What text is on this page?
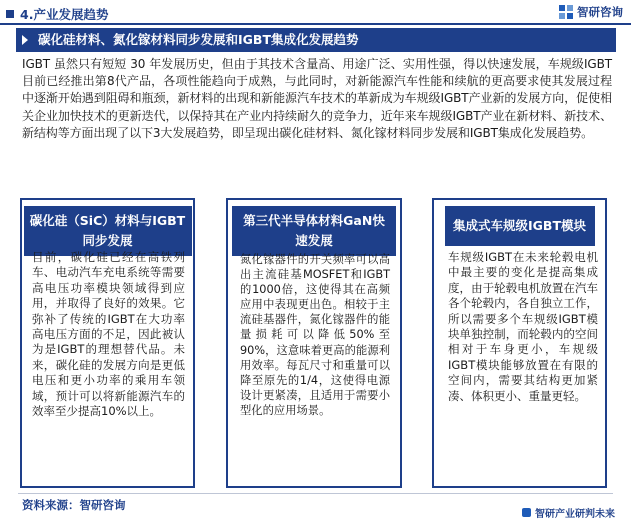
4.产业发展趋势	智研咨询
碳化硅材料、氮化镓材料同步发展和IGBT集成化发展趋势

IGBT 虽然只有短短 30 年发展历史，但由于其技术含量高、用途广泛、实用性强，得以快速发展，车规级IGBT目前已经推出第8代产品，各项性能趋向于成熟，与此同时，对新能源汽车性能和续航的更高要求使其发展过程中逐渐开始遇到阻碍和瓶颈，新材料的出现和新能源汽车技术的革新成为车规级IGBT产业新的发展方向，促使相关企业加快技术的更新迭代，以保持其在产业内持续耐久的竞争力，近年来车规级IGBT产业在新材料、新技术、新结构等方面出现了以下3大发展趋势，即呈现出碳化硅材料、氮化镓材料同步发展和IGBT集成化发展趋势。

碳化硅（SiC）材料与IGBT同步发展

目前，碳化硅已经在高铁列车、电动汽车充电系统等需要高电压功率模块领域得到应用，并取得了良好的效果。它弥补了传统的IGBT在大功率高电压方面的不足，因此被认为是IGBT的理想替代品。未来，碳化硅的发展方向是更低电压和更小功率的乘用车领域，预计可以将新能源汽车的效率至少提高10%以上。

第三代半导体材料GaN快速发展

氮化镓器件的开关频率可以高出主流硅基MOSFET和IGBT的1000倍，这使得其在高频应用中表现更出色。相较于主流硅基器件，氮化镓器件的能量损耗可以降低50%至90%，这意味着更高的能源利用效率。每瓦尺寸和重量可以降至原先的1/4，这使得电源设计更紧凑，且适用于需要小型化的应用场景。

集成式车规级IGBT模块

车规级IGBT在未来轮毂电机中最主要的变化是提高集成度，由于轮毂电机放置在汽车各个轮毂内，各自独立工作，所以需要多个车规级IGBT模块单独控制，而轮毂内的空间相对于车身更小，车规级IGBT模块能够放置在有限的空间内，需要其结构更加紧凑、体积更小、重量更轻。

资料来源：智研咨询
智研产业研判未来
